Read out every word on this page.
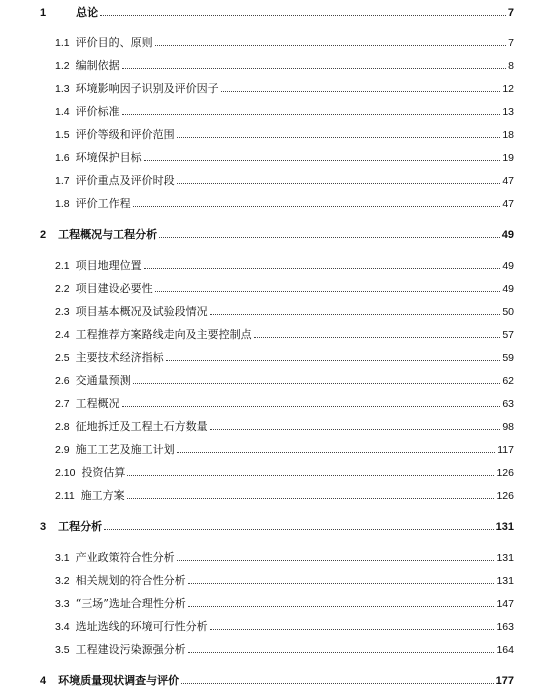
1	总论	7
1.1 评价目的、原则	7
1.2 编制依据	8
1.3 环境影响因子识别及评价因子	12
1.4 评价标准	13
1.5 评价等级和评价范围	18
1.6 环境保护目标	19
1.7 评价重点及评价时段	47
1.8 评价工作程	47
2 工程概况与工程分析	49
2.1 项目地理位置	49
2.2 项目建设必要性	49
2.3 项目基本概况及试验段情况	50
2.4 工程推荐方案路线走向及主要控制点	57
2.5 主要技术经济指标	59
2.6 交通量预测	62
2.7 工程概况	63
2.8 征地拆迁及工程土石方数量	98
2.9 施工工艺及施工计划	117
2.10 投资估算	126
2.11 施工方案	126
3 工程分析	131
3.1 产业政策符合性分析	131
3.2 相关规划的符合性分析	131
3.3 “三场”选址合理性分析	147
3.4 选址选线的环境可行性分析	163
3.5 工程建设污染源强分析	164
4 环境质量现状调查与评价	177
